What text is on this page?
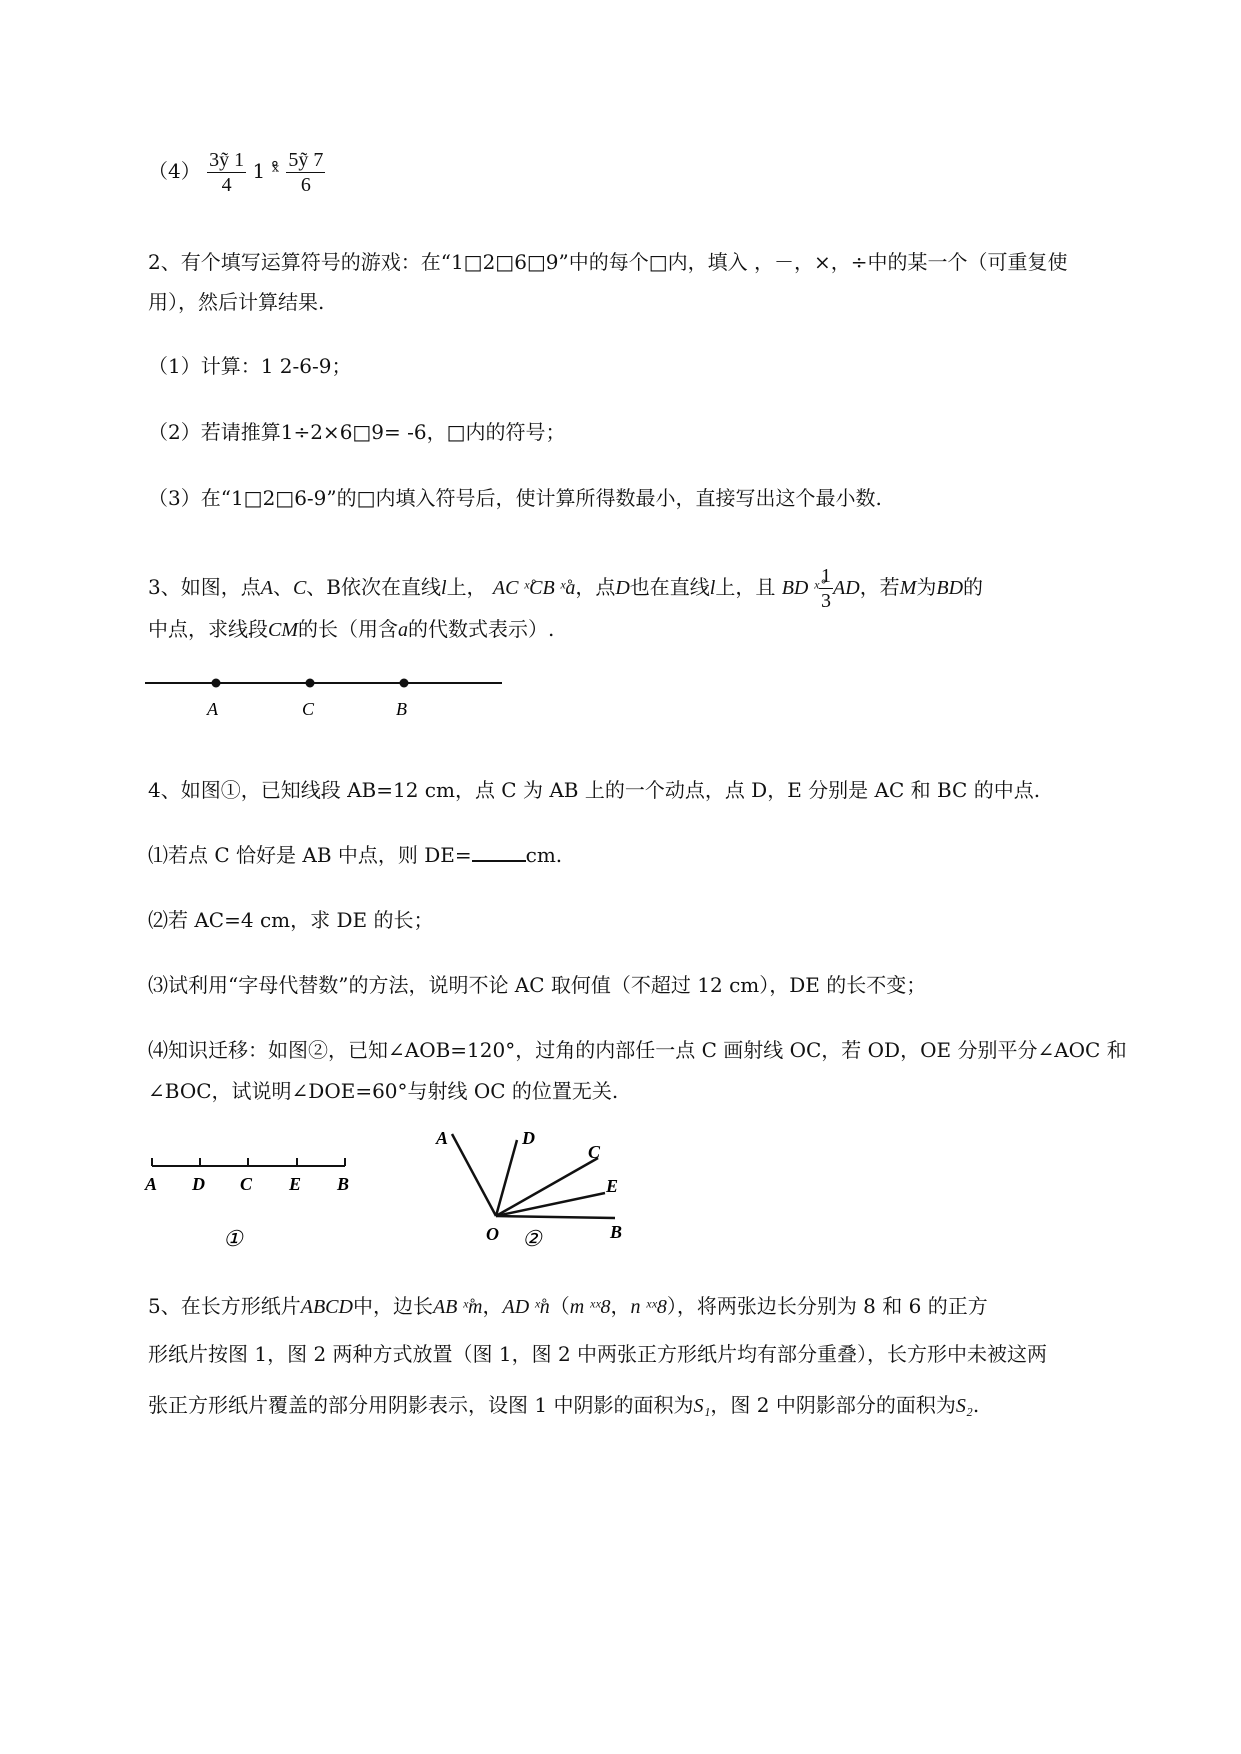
$(4) \frac{\text{3ỹ 1}}{4} 1$ ˣ̊ $\frac{\text{5ỹ 7}}{6}$
2、有个填写运算符号的游戏：在“1□2□6□9”中的每个□内，填入 ，－，×，÷中的某一个（可重复使
用），然后计算结果.
（1）计算：1 2-6-9；
（2）若请推算1÷2×6□9= -6，□内的符号；
（3）在“1□2□6-9”的□内填入符号后，使计算所得数最小，直接写出这个最小数.
3、如图，点A、C、B依次在直线l上， AC ˣ̊CB ˣ̊a，点D也在直线l上，且 BD ˣ̊ $\frac{1}{3}$ AD，若M为BD的
中点，求线段CM的长（用含a的代数式表示）.
A	C	B
4、如图①，已知线段 AB=12 cm，点 C 为 AB 上的一个动点，点 D，E 分别是 AC 和 BC 的中点.
⑴若点 C 恰好是 AB 中点，则 DE=	cm.
⑵若 AC=4 cm，求 DE 的长；
⑶试利用“字母代替数”的方法，说明不论 AC 取何值（不超过 12 cm），DE 的长不变；
⑷知识迁移：如图②，已知∠AOB=120°，过角的内部任一点 C 画射线 OC，若 OD，OE 分别平分∠AOC 和
∠BOC，试说明∠DOE=60°与射线 OC 的位置无关.
A D C E B
①
A	D
C
E
O	B
②
5、在长方形纸片ABCD中，边长AB ˣ̊m，AD ˣ̊n（m ˣˣ8，n ˣˣ8），将两张边长分别为 8 和 6 的正方
形纸片按图 1，图 2 两种方式放置（图 1，图 2 中两张正方形纸片均有部分重叠），长方形中未被这两
张正方形纸片覆盖的部分用阴影表示，设图 1 中阴影的面积为S₁，图 2 中阴影部分的面积为S₂.
